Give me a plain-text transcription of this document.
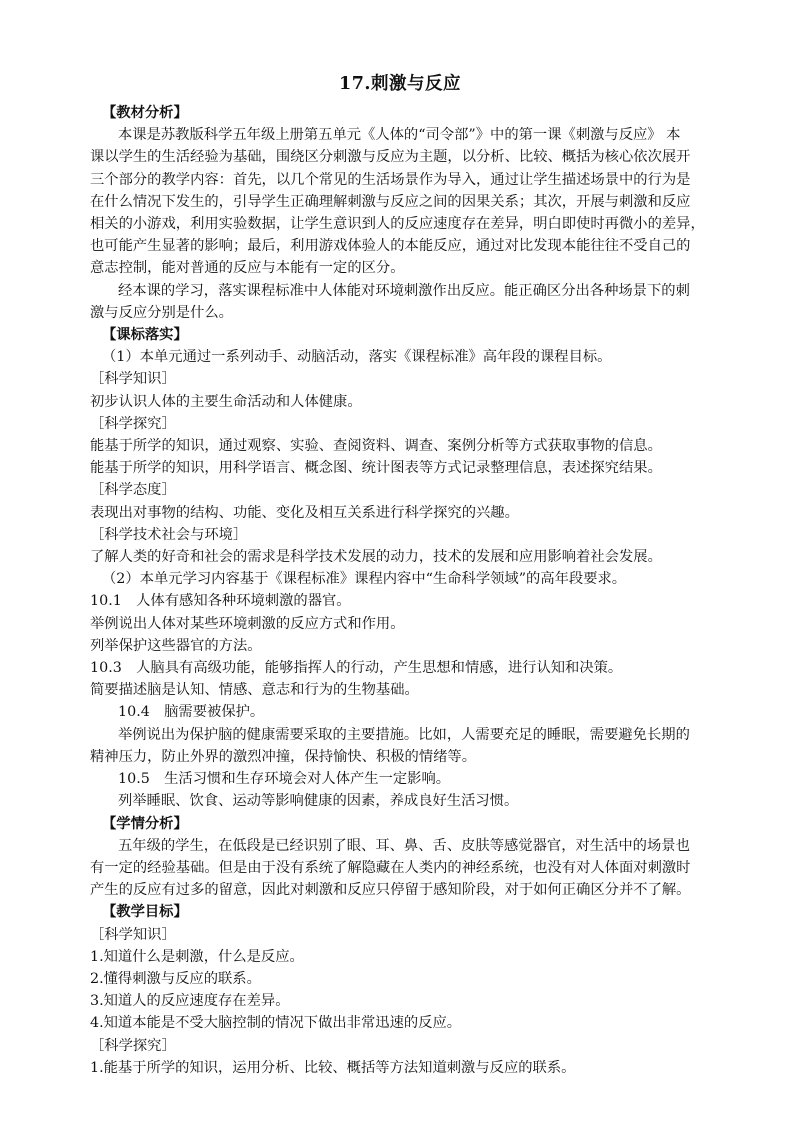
17.刺激与反应

【教材分析】

本课是苏教版科学五年级上册第五单元《人体的“司令部”》中的第一课《刺激与反应》 本

课以学生的生活经验为基础，围绕区分刺激与反应为主题，以分析、比较、概括为核心依次展开

三个部分的教学内容：首先，以几个常见的生活场景作为导入，通过让学生描述场景中的行为是

在什么情况下发生的，引导学生正确理解刺激与反应之间的因果关系；其次，开展与刺激和反应

相关的小游戏，利用实验数据，让学生意识到人的反应速度存在差异，明白即使时再微小的差异，

也可能产生显著的影响；最后，利用游戏体验人的本能反应，通过对比发现本能往往不受自己的

意志控制，能对普通的反应与本能有一定的区分。

经本课的学习，落实课程标准中人体能对环境刺激作出反应。能正确区分出各种场景下的刺

激与反应分别是什么。

【课标落实】

（1）本单元通过一系列动手、动脑活动，落实《课程标准》高年段的课程目标。

［科学知识］

初步认识人体的主要生命活动和人体健康。

［科学探究］

能基于所学的知识，通过观察、实验、查阅资料、调查、案例分析等方式获取事物的信息。

能基于所学的知识，用科学语言、概念图、统计图表等方式记录整理信息，表述探究结果。

［科学态度］

表现出对事物的结构、功能、变化及相互关系进行科学探究的兴趣。

［科学技术社会与环境］

了解人类的好奇和社会的需求是科学技术发展的动力，技术的发展和应用影响着社会发展。

（2）本单元学习内容基于《课程标准》课程内容中“生命科学领域”的高年段要求。

10.1　人体有感知各种环境刺激的器官。

举例说出人体对某些环境刺激的反应方式和作用。

列举保护这些器官的方法。

10.3　人脑具有高级功能，能够指挥人的行动，产生思想和情感，进行认知和决策。

简要描述脑是认知、情感、意志和行为的生物基础。

10.4　脑需要被保护。

举例说出为保护脑的健康需要采取的主要措施。比如，人需要充足的睡眠，需要避免长期的

精神压力，防止外界的激烈冲撞，保持愉快、积极的情绪等。

10.5　生活习惯和生存环境会对人体产生一定影响。

列举睡眠、饮食、运动等影响健康的因素，养成良好生活习惯。

【学情分析】

五年级的学生，在低段是已经识别了眼、耳、鼻、舌、皮肤等感觉器官，对生活中的场景也

有一定的经验基础。但是由于没有系统了解隐藏在人类内的神经系统，也没有对人体面对刺激时

产生的反应有过多的留意，因此对刺激和反应只停留于感知阶段，对于如何正确区分并不了解。

【教学目标】

［科学知识］

1.知道什么是刺激，什么是反应。

2.懂得刺激与反应的联系。

3.知道人的反应速度存在差异。

4.知道本能是不受大脑控制的情况下做出非常迅速的反应。

［科学探究］

1.能基于所学的知识，运用分析、比较、概括等方法知道刺激与反应的联系。
